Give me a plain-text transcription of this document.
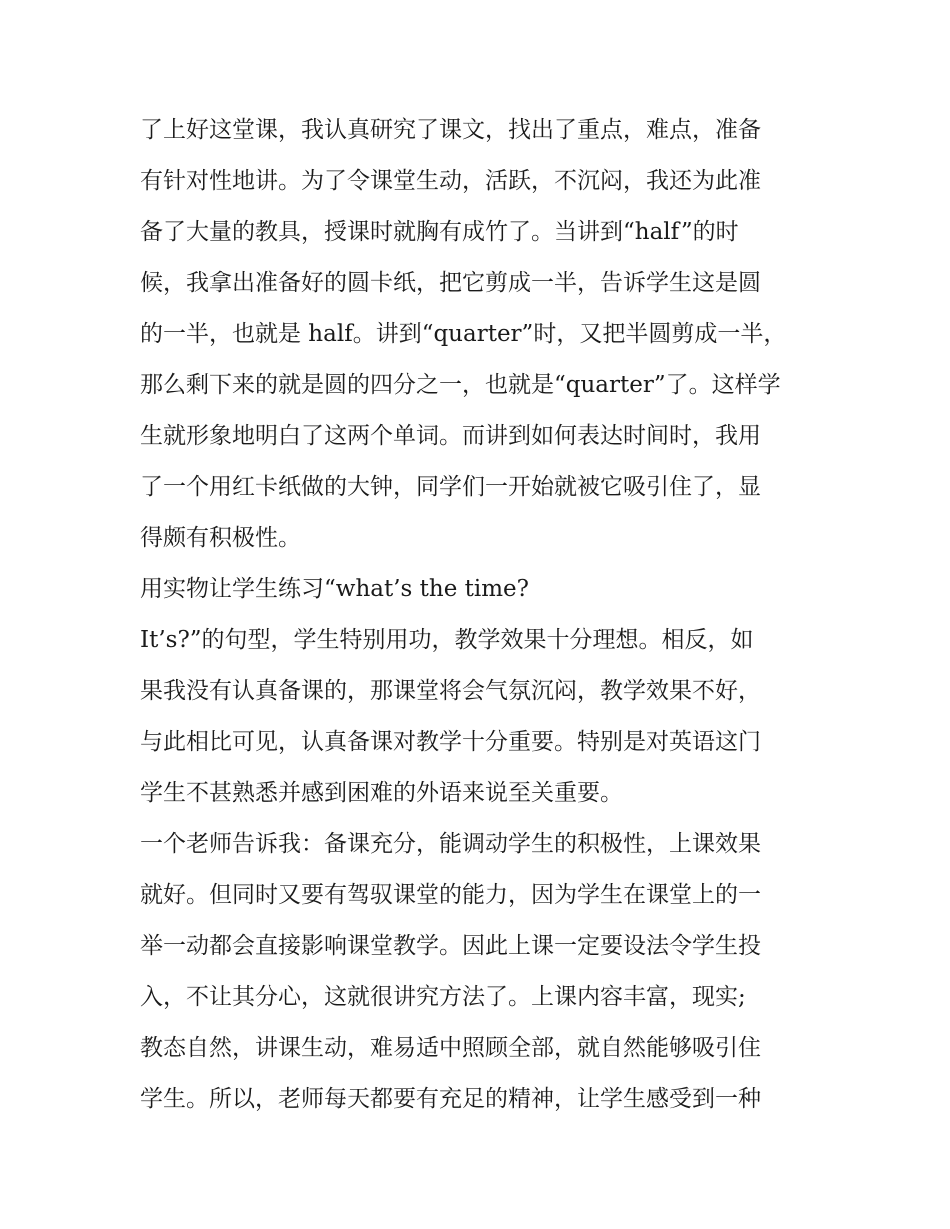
了上好这堂课，我认真研究了课文，找出了重点，难点，准备
有针对性地讲。为了令课堂生动，活跃，不沉闷，我还为此准
备了大量的教具，授课时就胸有成竹了。当讲到“half”的时
候，我拿出准备好的圆卡纸，把它剪成一半，告诉学生这是圆
的一半，也就是 half。讲到“quarter”时，又把半圆剪成一半，
那么剩下来的就是圆的四分之一，也就是“quarter”了。这样学
生就形象地明白了这两个单词。而讲到如何表达时间时，我用
了一个用红卡纸做的大钟，同学们一开始就被它吸引住了，显
得颇有积极性。
用实物让学生练习“what’s the time?
It’s?”的句型，学生特别用功，教学效果十分理想。相反，如
果我没有认真备课的，那课堂将会气氛沉闷，教学效果不好，
与此相比可见，认真备课对教学十分重要。特别是对英语这门
学生不甚熟悉并感到困难的外语来说至关重要。
一个老师告诉我：备课充分，能调动学生的积极性，上课效果
就好。但同时又要有驾驭课堂的能力，因为学生在课堂上的一
举一动都会直接影响课堂教学。因此上课一定要设法令学生投
入，不让其分心，这就很讲究方法了。上课内容丰富，现实;
教态自然，讲课生动，难易适中照顾全部，就自然能够吸引住
学生。所以，老师每天都要有充足的精神，让学生感受到一种
